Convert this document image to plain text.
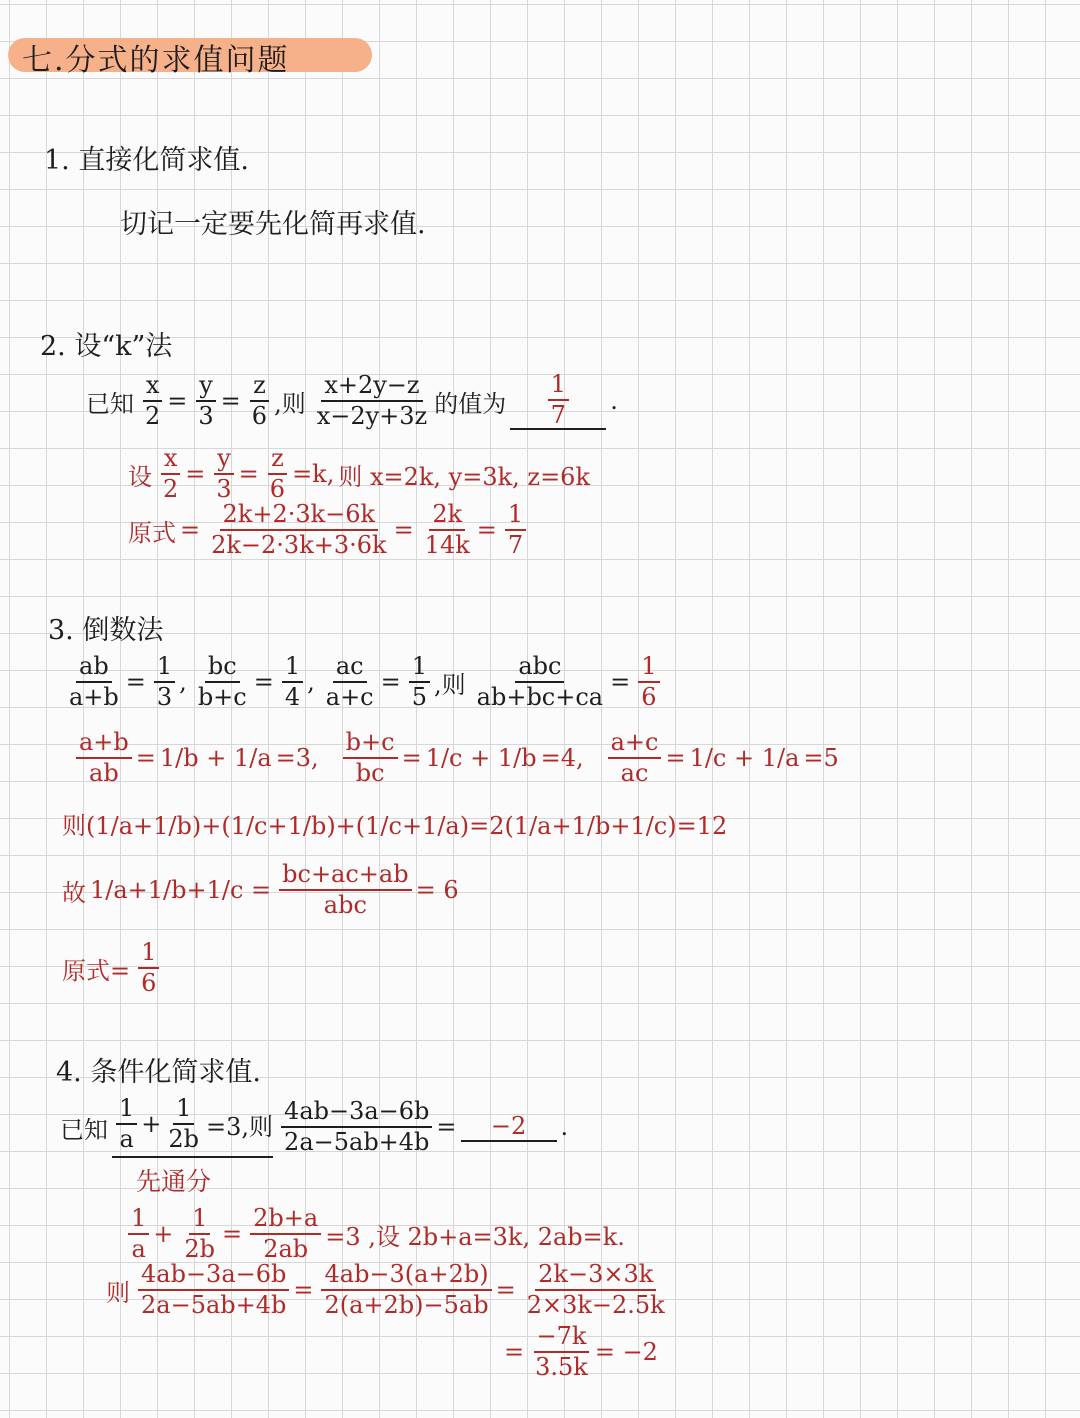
七.分式的求值问题
1. 直接化简求值.
切记一定要先化简再求值.
2. 设“k”法
已知 $\frac{x}{2} = \frac{y}{3} = \frac{z}{6}$ ,则 $\frac{x+2y-z}{x-2y+3z}$ 的值为 $\frac{1}{7}$ .
设 $\frac{x}{2} = \frac{y}{3} = \frac{z}{6} =k$, 则 x=2k, y=3k, z=6k
原式 = $\frac{2k+2\cdot 3k-6k}{2k-2\cdot 3k+3\cdot 6k} = \frac{2k}{14k} = \frac{1}{7}$
3. 倒数法
$\frac{ab}{a+b} = \frac{1}{3}$ , $\frac{bc}{b+c} = \frac{1}{4}$ , $\frac{ac}{a+c} = \frac{1}{5}$ ,则 $\frac{\text{abc}}{ab+bc+ca} = \frac{1}{6}$
$\frac{a+b}{ab} = 1/b + 1/a =3$, $\frac{b+c}{bc} = 1/c + 1/b =4$, $\frac{a+c}{ac} = 1/c + 1/a =5$
则(1/a+1/b)+(1/c+1/b)+(1/c+1/a)=2(1/a+1/b+1/c)=12
故 $1/a+1/b+1/c = \frac{bc+ac+ab}{\text{abc}} = 6$
原式= $\frac{1}{6}$
4. 条件化简求值.
已知 $\frac{1}{a} + \frac{1}{2b} =3$,则 $\frac{4ab-3a-6b}{2a-5ab+4b}$ =	−2	.
先通分
$\frac{1}{a} + \frac{1}{2b} = \frac{2b+a}{2ab} =3$ ,设 2b+a=3k, 2ab=k.
则 $\frac{4ab-3a-6b}{2a-5ab+4b} = \frac{4ab-3(a+2b)}{2(a+2b)-5ab} = \frac{2k-3\times 3k}{2\times 3k-2.5k}$
= $\frac{-7k}{3.5k} = -2$
